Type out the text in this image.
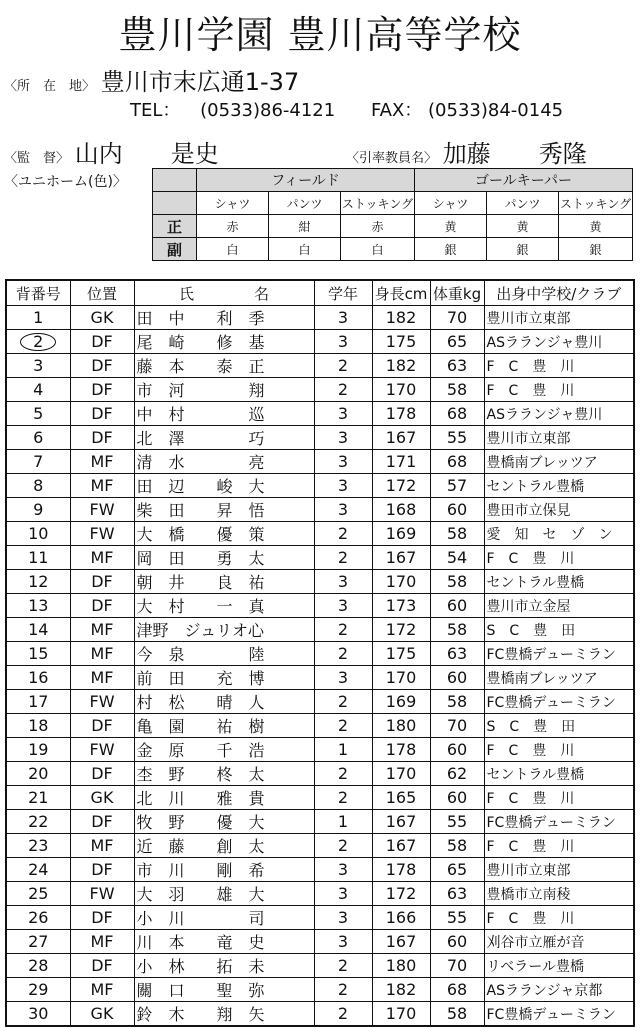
豊川学園 豊川高等学校
〈所　在　地〉 豊川市末広通1-37
TEL： (0533)86-4121 FAX： (0533)84-0145
〈監　督〉 山内　　是史	〈引率教員名〉 加藤　　秀隆
〈ユニホーム(色)〉
		フィールド			ゴールキーパー		
	シャツ	パンツ	ストッキング	シャツ	パンツ	ストッキング
正	赤	紺	赤	黄	黄	黄
副	白	白	白	銀	銀	銀
背番号	位置	氏　　　　名	学年	身長cm	体重kg	出身中学校/クラブ
1	GK	田　中　　利　季	3	182	70	豊川市立東部
2	DF	尾　崎　　修　基	3	175	65	ASラランジャ豊川
3	DF	藤　本　　泰　正	2	182	63	F　C　豊　川
4	DF	市　河　　　　翔	2	170	58	F　C　豊　川
5	DF	中　村　　　　巡	3	178	68	ASラランジャ豊川
6	DF	北　澤　　　　巧	3	167	55	豊川市立東部
7	MF	清　水　　　　亮	3	171	68	豊橋南ブレッツア
8	MF	田　辺　　峻　大	3	172	57	セントラル豊橋
9	FW	柴　田　　昇　悟	3	168	60	豊田市立保見
10	FW	大　橋　　優　策	2	169	58	愛　知　セ　ゾ　ン
11	MF	岡　田　　勇　太	2	167	54	F　C　豊　川
12	DF	朝　井　　良　祐	3	170	58	セントラル豊橋
13	DF	大　村　　一　真	3	173	60	豊川市立金屋
14	MF	津野　ジュリオ心	2	172	58	S　C　豊　田
15	MF	今　泉　　　　陸	2	175	63	FC豊橋デューミラン
16	MF	前　田　　充　博	3	170	60	豊橋南ブレッツア
17	FW	村　松　　晴　人	2	169	58	FC豊橋デューミラン
18	DF	亀　園　　祐　樹	2	180	70	S　C　豊　田
19	FW	金　原　　千　浩	1	178	60	F　C　豊　川
20	DF	杢　野　　柊　太	2	170	62	セントラル豊橋
21	GK	北　川　　雅　貴	2	165	60	F　C　豊　川
22	DF	牧　野　　優　大	1	167	55	FC豊橋デューミラン
23	MF	近　藤　　創　太	2	167	58	F　C　豊　川
24	DF	市　川　　剛　希	3	178	65	豊川市立東部
25	FW	大　羽　　雄　大	3	172	63	豊橋市立南稜
26	DF	小　川　　　　司	3	166	55	F　C　豊　川
27	MF	川　本　　竜　史	3	167	60	刈谷市立雁が音
28	DF	小　林　　拓　未	2	180	70	リベラール豊橋
29	MF	關　口　　聖　弥	2	182	68	ASラランジャ京都
30	GK	鈴　木　　翔　矢	2	170	58	FC豊橋デューミラン
